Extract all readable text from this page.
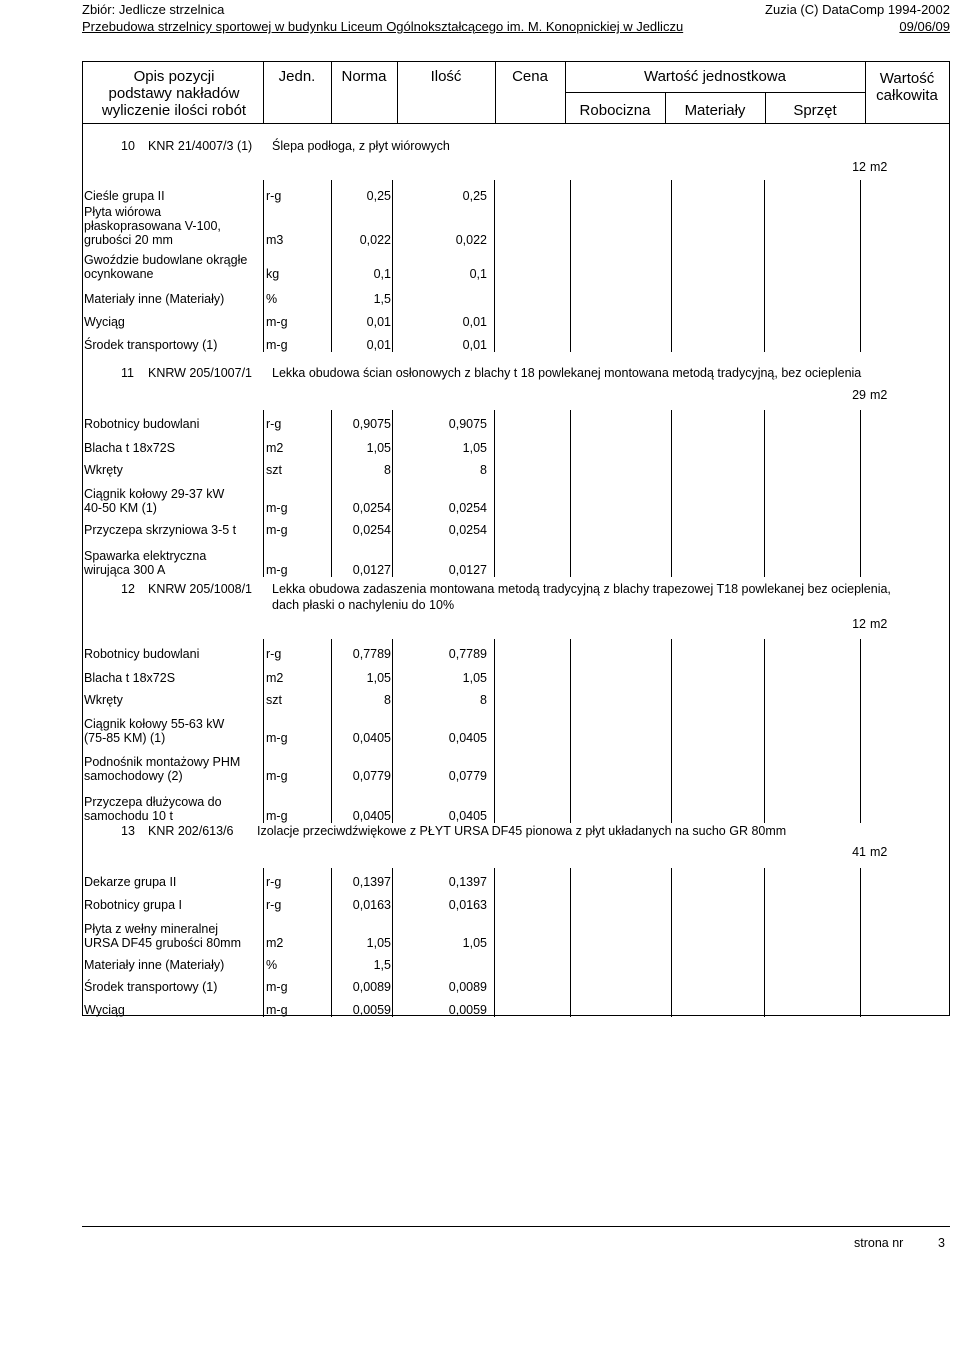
Zbiór: Jedlicze strzelnica
Przebudowa strzelnicy sportowej w budynku Liceum Ogólnokształcącego im. M. Konopnickiej w Jedliczu
Zuzia (C) DataComp 1994-2002
09/06/09
Opis pozycji
podstawy nakładów
wyliczenie ilości robót
Jedn.	Norma	Ilość	Cena	Wartość jednostkowa
Robocizna	Materiały	Sprzęt
Wartość
całkowita
10 KNR 21/4007/3 (1) Ślepa podłoga, z płyt wiórowych
12 m2
Cieśle grupa II	r-g	0,25	0,25
Płyta wiórowa
płaskoprasowana V-100,
grubości 20 mm	m3	0,022	0,022
Gwoździe budowlane okrągłe
ocynkowane	kg	0,1	0,1
Materiały inne (Materiały)	%	1,5
Wyciąg	m-g	0,01	0,01
Środek transportowy (1)	m-g	0,01	0,01
11 KNRW 205/1007/1 Lekka obudowa ścian osłonowych z blachy t 18 powlekanej montowana metodą tradycyjną, bez ocieplenia
29 m2
Robotnicy budowlani	r-g	0,9075	0,9075
Blacha t 18x72S	m2	1,05	1,05
Wkręty	szt	8	8
Ciągnik kołowy 29-37 kW
40-50 KM (1)	m-g	0,0254	0,0254
Przyczepa skrzyniowa 3-5 t m-g	0,0254	0,0254
Spawarka elektryczna
wirująca 300 A	m-g	0,0127	0,0127
12 KNRW 205/1008/1 Lekka obudowa zadaszenia montowana metodą tradycyjną z blachy trapezowej T18 powlekanej bez ocieplenia,
dach płaski o nachyleniu do 10%
12 m2
Robotnicy budowlani	r-g	0,7789	0,7789
Blacha t 18x72S	m2	1,05	1,05
Wkręty	szt	8	8
Ciągnik kołowy 55-63 kW
(75-85 KM) (1)	m-g	0,0405	0,0405
Podnośnik montażowy PHM
samochodowy (2)	m-g	0,0779	0,0779
Przyczepa dłużycowa do
samochodu 10 t	m-g	0,0405	0,0405
13 KNR 202/613/6 Izolacje przeciwdźwiękowe z PŁYT URSA DF45 pionowa z płyt układanych na sucho GR 80mm
41 m2
Dekarze grupa II	r-g	0,1397	0,1397
Robotnicy grupa I	r-g	0,0163	0,0163
Płyta z wełny mineralnej
URSA DF45 grubości 80mm m2	1,05	1,05
Materiały inne (Materiały)	%	1,5
Środek transportowy (1)	m-g	0,0089	0,0089
Wyciąg	m-g	0,0059	0,0059
strona nr	3
